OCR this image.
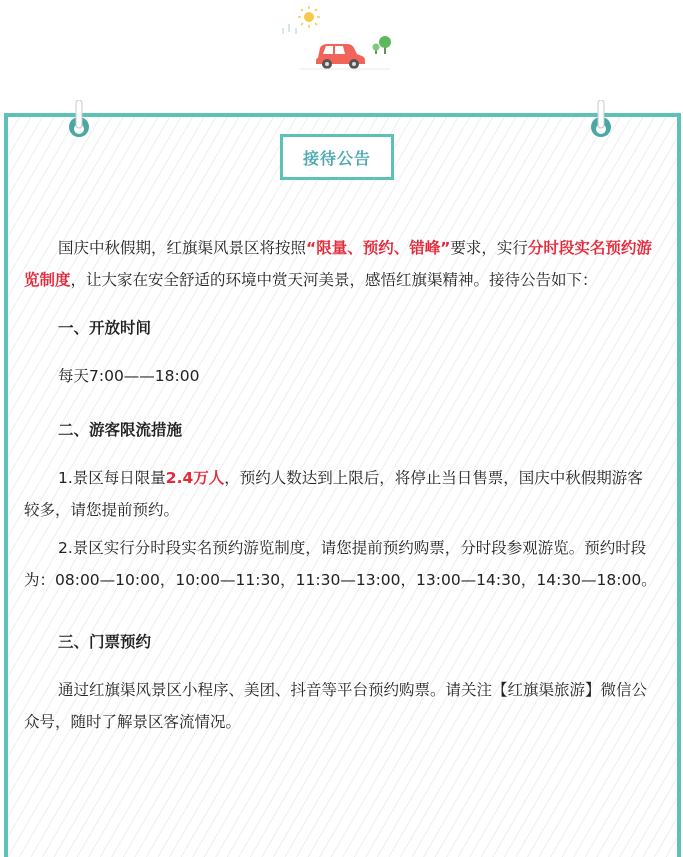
接待公告

国庆中秋假期，红旗渠风景区将按照“限量、预约、错峰”要求，实行分时段实名预约游览制度，让大家在安全舒适的环境中赏天河美景，感悟红旗渠精神。接待公告如下：

一、开放时间

每天7:00——18:00

二、游客限流措施

1.景区每日限量2.4万人，预约人数达到上限后，将停止当日售票，国庆中秋假期游客较多，请您提前预约。

2.景区实行分时段实名预约游览制度，请您提前预约购票，分时段参观游览。预约时段为：08:00—10:00，10:00—11:30，11:30—13:00，13:00—14:30，14:30—18:00。

三、门票预约

通过红旗渠风景区小程序、美团、抖音等平台预约购票。请关注【红旗渠旅游】微信公众号，随时了解景区客流情况。
